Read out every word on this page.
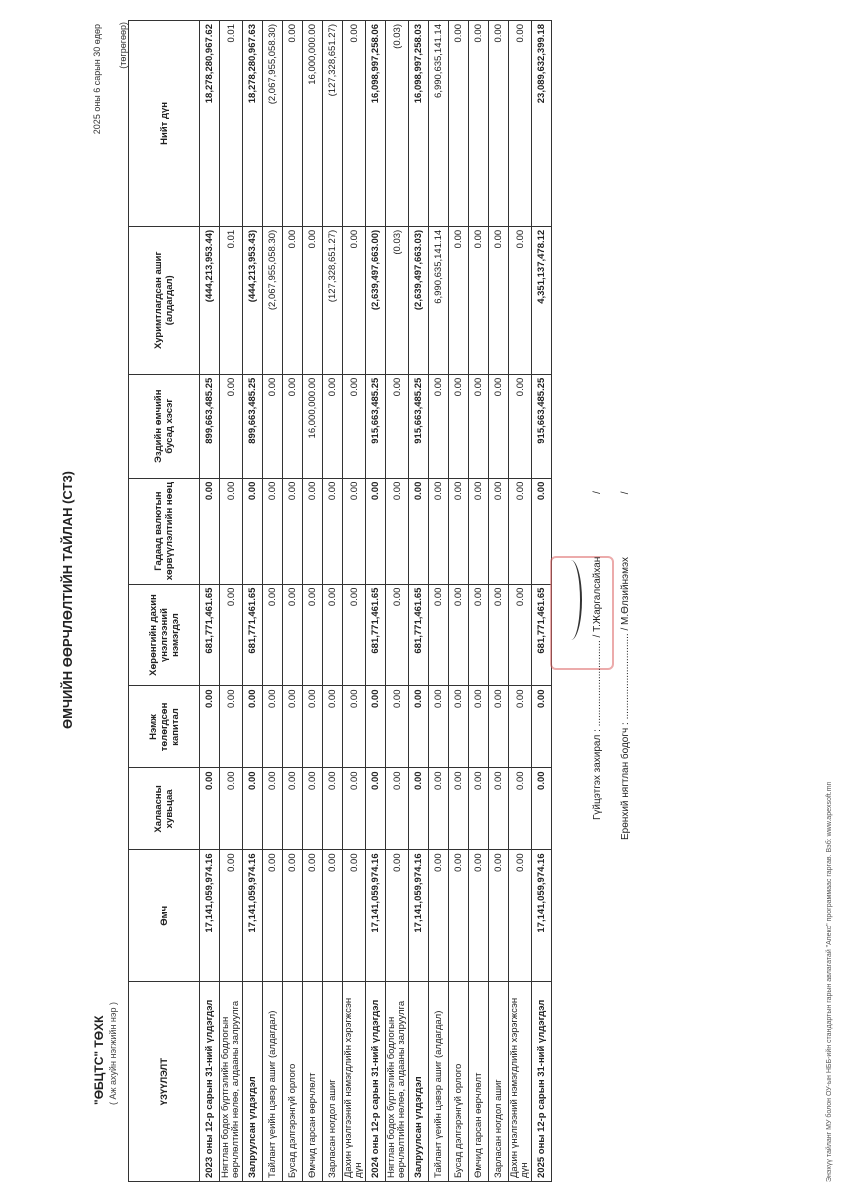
"ӨБЦТС" ТӨХК ( Аж ахуйн нэгжийн нэр )
ӨМЧИЙН ӨӨРЧЛӨЛТИЙН ТАЙЛАН (СТ3)
2025 оны 6 сарын 30 өдөр (төгрөгөөр)
ҮЗҮҮЛЭЛТ	Өмч	Халаасны хувьцаа	Нэмж төлөгдсөн капитал	Хөрөнгийн дахин үнэлгээний нэмэгдэл	Гадаад валютын хөрвүүлэлтийн нөөц	Эздийн өмчийн бусад хэсэг	Хуримтлагдсан ашиг (алдагдал)	Нийт дүн
2023 оны 12-р сарын 31-ний үлдэгдэл	17,141,059,974.16	0.00	0.00	681,771,461.65	0.00	899,663,485.25	(444,213,953.44)	18,278,280,967.62
Нягтлан бодох бүртгэлийн бодлогын өөрчлөлтийн нөлөө, алдааны залруулга	0.00	0.00	0.00	0.00	0.00	0.00	0.01	0.01
Залруулсан үлдэгдэл	17,141,059,974.16	0.00	0.00	681,771,461.65	0.00	899,663,485.25	(444,213,953.43)	18,278,280,967.63
Тайлант үеийн цэвэр ашиг (алдагдал)	0.00	0.00	0.00	0.00	0.00	0.00	(2,067,955,058.30)	(2,067,955,058.30)
Бусад дэлгэрэнгүй орлого	0.00	0.00	0.00	0.00	0.00	0.00	0.00	0.00
Өмчид гарсан өөрчлөлт	0.00	0.00	0.00	0.00	0.00	16,000,000.00	0.00	16,000,000.00
Зарласан ногдол ашиг	0.00	0.00	0.00	0.00	0.00	0.00	(127,328,651.27)	(127,328,651.27)
Дахин үнэлгээний нэмэгдлийн хэрэгжсэн дүн	0.00	0.00	0.00	0.00	0.00	0.00	0.00	0.00
2024 оны 12-р сарын 31-ний үлдэгдэл	17,141,059,974.16	0.00	0.00	681,771,461.65	0.00	915,663,485.25	(2,639,497,663.00)	16,098,997,258.06
Нягтлан бодох бүртгэлийн бодлогын өөрчлөлтийн нөлөө, алдааны залруулга	0.00	0.00	0.00	0.00	0.00	0.00	(0.03)	(0.03)
Залруулсан үлдэгдэл	17,141,059,974.16	0.00	0.00	681,771,461.65	0.00	915,663,485.25	(2,639,497,663.03)	16,098,997,258.03
Тайлант үеийн цэвэр ашиг (алдагдал)	0.00	0.00	0.00	0.00	0.00	0.00	6,990,635,141.14	6,990,635,141.14
Бусад дэлгэрэнгүй орлого	0.00	0.00	0.00	0.00	0.00	0.00	0.00	0.00
Өмчид гарсан өөрчлөлт	0.00	0.00	0.00	0.00	0.00	0.00	0.00	0.00
Зарласан ногдол ашиг	0.00	0.00	0.00	0.00	0.00	0.00	0.00	0.00
Дахин үнэлгээний нэмэгдлийн хэрэгжсэн дүн	0.00	0.00	0.00	0.00	0.00	0.00	0.00	0.00
2025 оны 12-р сарын 31-ний үлдэгдэл	17,141,059,974.16	0.00	0.00	681,771,461.65	0.00	915,663,485.25	4,351,137,478.12	23,089,632,399.18
Гүйцэтгэх захирал : ............................... / Т.Жаргалсайхан /
Ерөнхий нягтлан бодогч : ............................... / М.Өлзийнэмэх /
Энэхүү тайланг МУ болон ОУ-ын НББ-ийн стандартын гарын авлагатай "Апекс" программаас гаргав. Вэб: www.apexsoft.mn
